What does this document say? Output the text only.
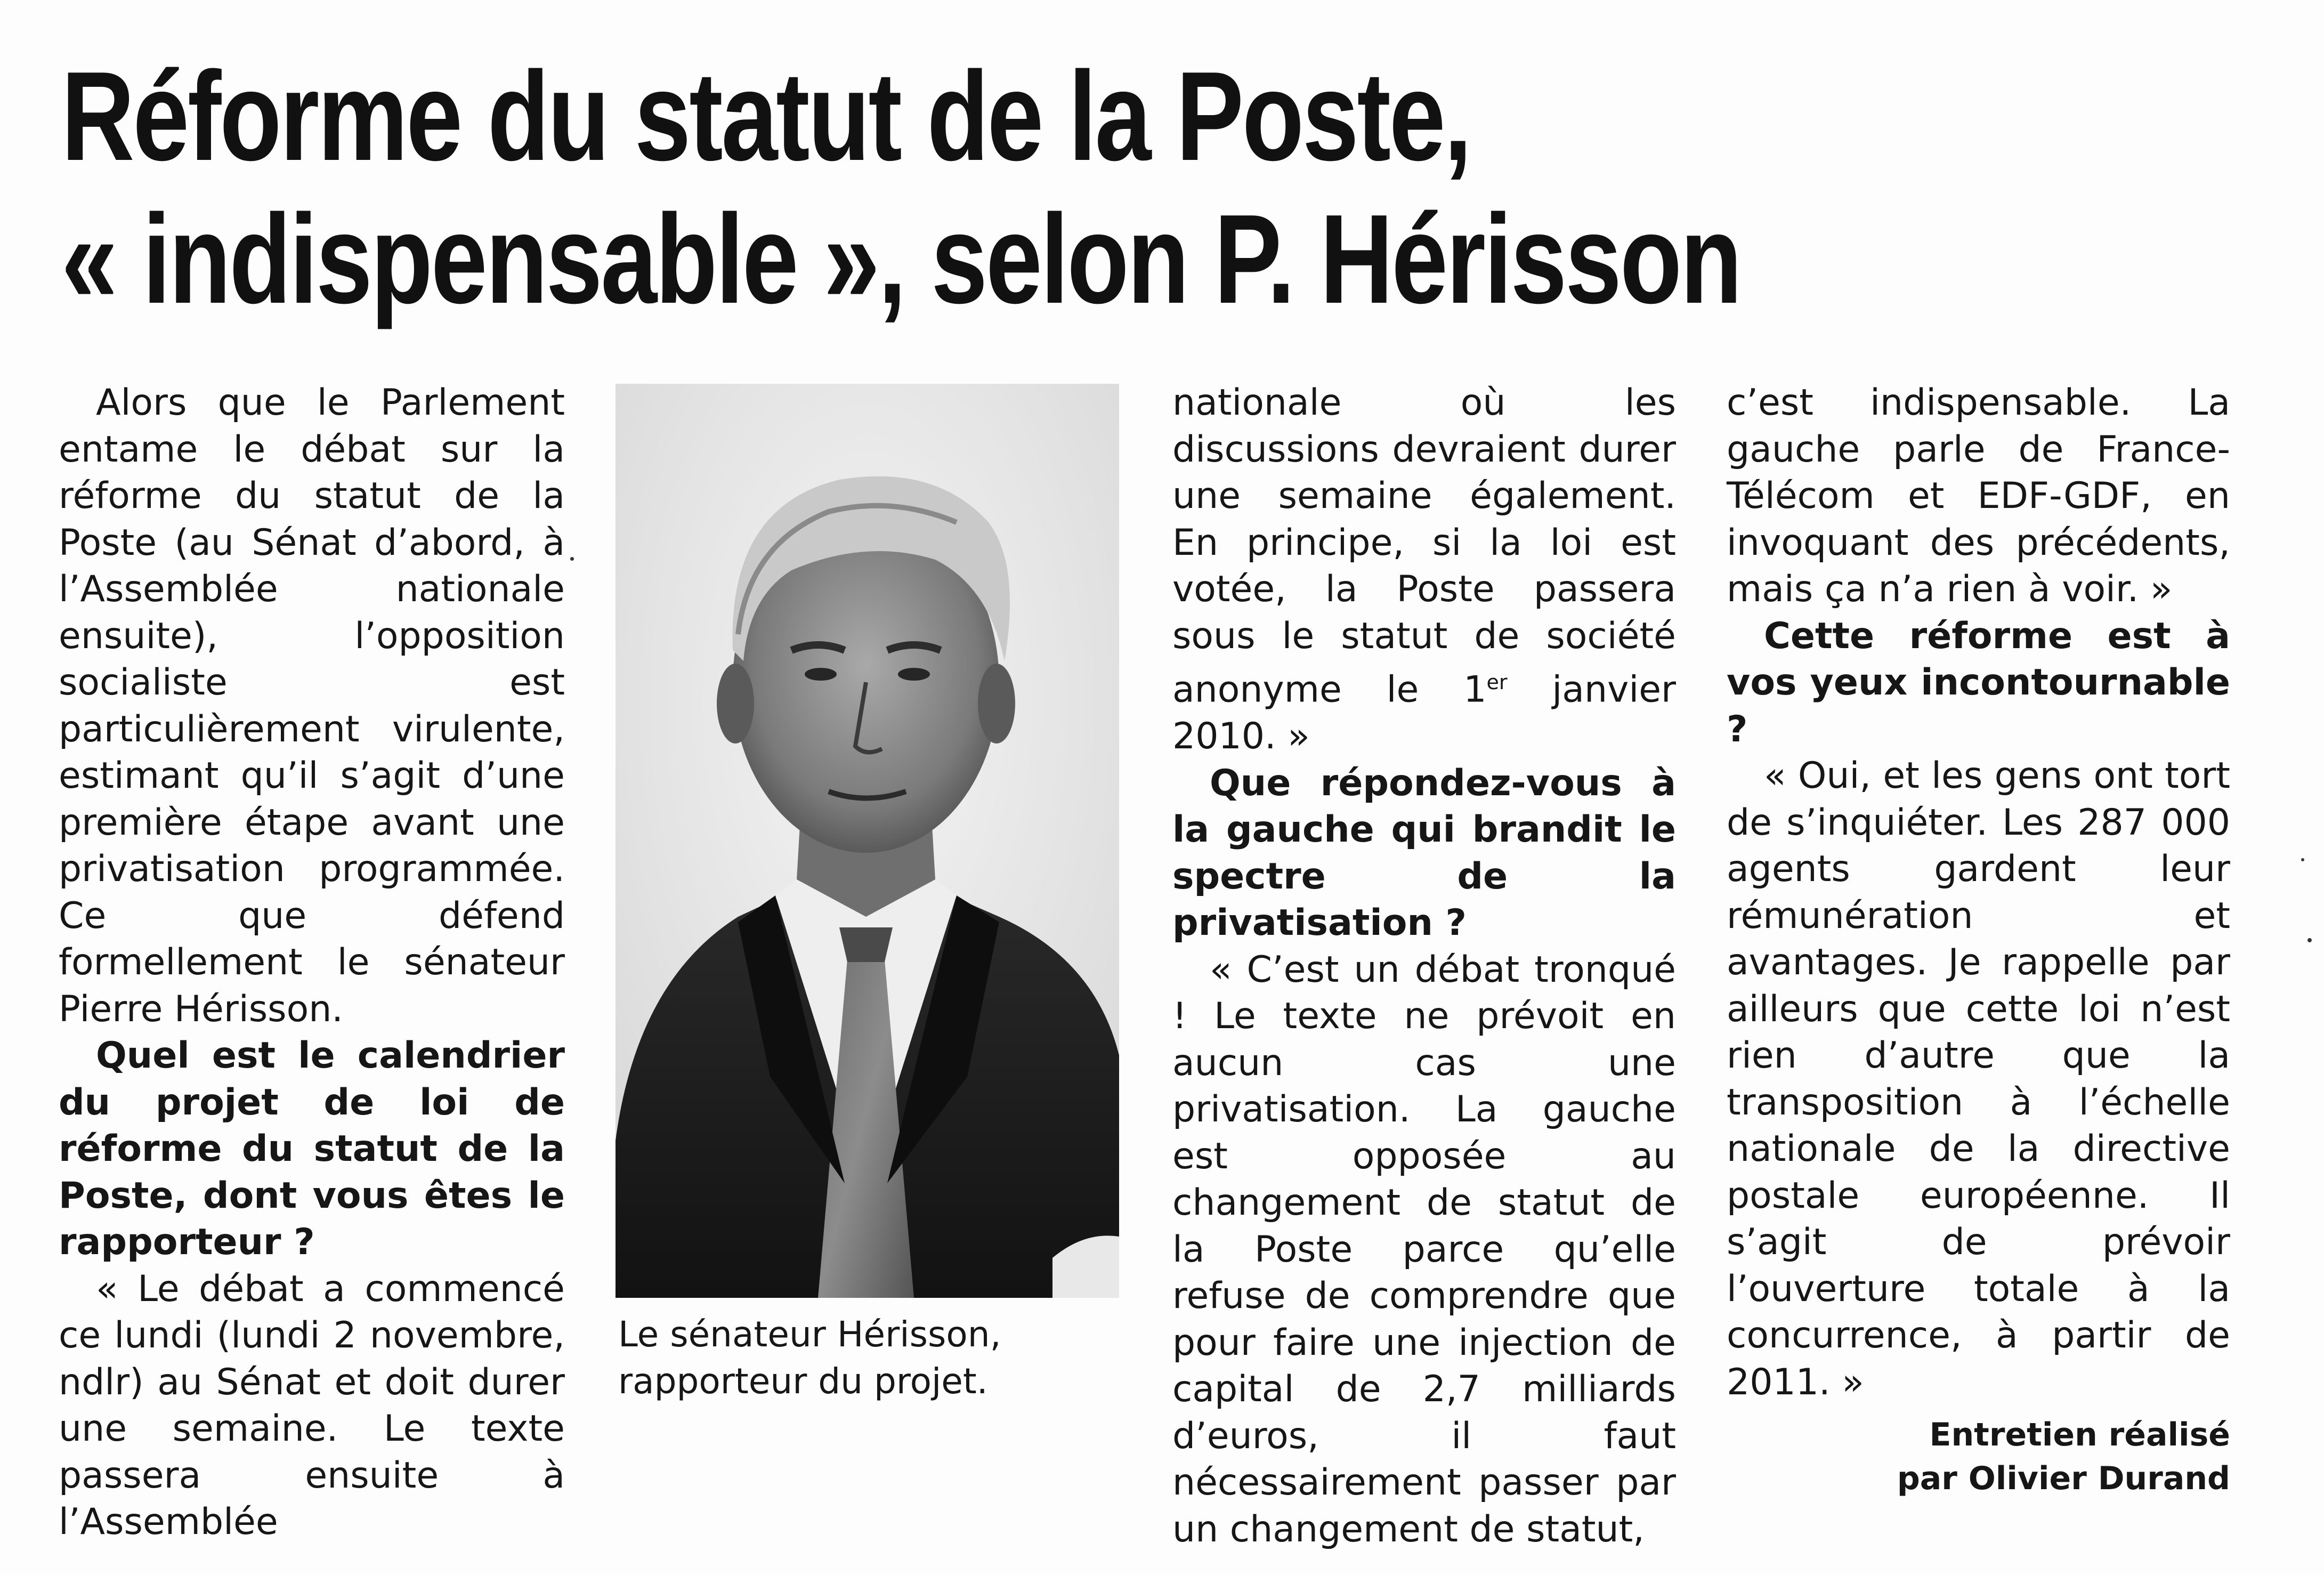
Réforme du statut de la Poste,
« indispensable », selon P. Hérisson

Alors que le Parlement entame le débat sur la réforme du statut de la Poste (au Sénat d’abord, à l’Assemblée nationale ensuite), l’opposition socialiste est particulièrement virulente, estimant qu’il s’agit d’une première étape avant une privatisation programmée. Ce que défend formellement le sénateur Pierre Hérisson.

Quel est le calendrier du projet de loi de réforme du statut de la Poste, dont vous êtes le rapporteur ?

« Le débat a commencé ce lundi (lundi 2 novembre, ndlr) au Sénat et doit durer une semaine. Le texte passera ensuite à l’Assemblée

Le sénateur Hérisson,
rapporteur du projet.

nationale où les discussions devraient durer une semaine également. En principe, si la loi est votée, la Poste passera sous le statut de société anonyme le 1er janvier 2010. »

Que répondez-vous à la gauche qui brandit le spectre de la privatisation ?

« C’est un débat tronqué ! Le texte ne prévoit en aucun cas une privatisation. La gauche est opposée au changement de statut de la Poste parce qu’elle refuse de comprendre que pour faire une injection de capital de 2,7 milliards d’euros, il faut nécessairement passer par un changement de statut,

c’est indispensable. La gauche parle de France-Télécom et EDF-GDF, en invoquant des précédents, mais ça n’a rien à voir. »

Cette réforme est à vos yeux incontournable ?

« Oui, et les gens ont tort de s’inquiéter. Les 287 000 agents gardent leur rémunération et avantages. Je rappelle par ailleurs que cette loi n’est rien d’autre que la transposition à l’échelle nationale de la directive postale européenne. Il s’agit de prévoir l’ouverture totale à la concurrence, à partir de 2011. »

Entretien réalisé
par Olivier Durand
